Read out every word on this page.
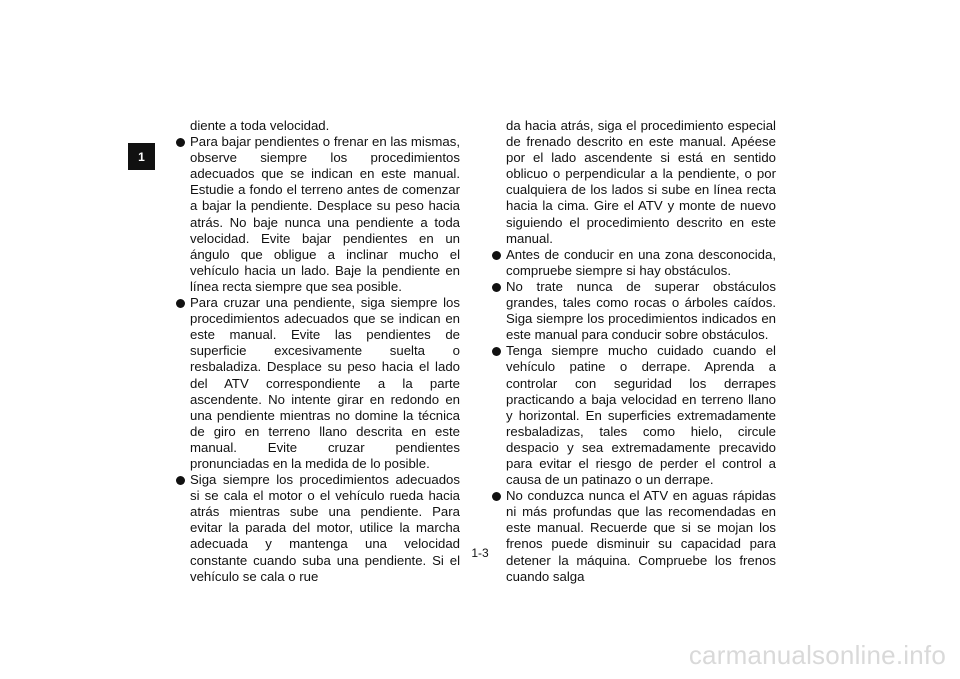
1

diente a toda velocidad.

Para bajar pendientes o frenar en las mismas, observe siempre los procedimientos adecuados que se indican en este manual. Estudie a fondo el terreno antes de comenzar a bajar la pendiente. Desplace su peso hacia atrás. No baje nunca una pendiente a toda velocidad. Evite bajar pendientes en un ángulo que obligue a inclinar mucho el vehículo hacia un lado. Baje la pendiente en línea recta siempre que sea posible.
Para cruzar una pendiente, siga siempre los procedimientos adecuados que se indican en este manual. Evite las pendientes de superficie excesivamente suelta o resbaladiza. Desplace su peso hacia el lado del ATV correspondiente a la parte ascendente. No intente girar en redondo en una pendiente mientras no domine la técnica de giro en terreno llano descrita en este manual. Evite cruzar pendientes pronunciadas en la medida de lo posible.
Siga siempre los procedimientos adecuados si se cala el motor o el vehículo rueda hacia atrás mientras sube una pendiente. Para evitar la parada del motor, utilice la marcha adecuada y mantenga una velocidad constante cuando suba una pendiente. Si el vehículo se cala o rue

da hacia atrás, siga el procedimiento especial de frenado descrito en este manual. Apéese por el lado ascendente si está en sentido oblicuo o perpendicular a la pendiente, o por cualquiera de los lados si sube en línea recta hacia la cima. Gire el ATV y monte de nuevo siguiendo el procedimiento descrito en este manual.

Antes de conducir en una zona desconocida, compruebe siempre si hay obstáculos.
No trate nunca de superar obstáculos grandes, tales como rocas o árboles caídos. Siga siempre los procedimientos indicados en este manual para conducir sobre obstáculos.
Tenga siempre mucho cuidado cuando el vehículo patine o derrape. Aprenda a controlar con seguridad los derrapes practicando a baja velocidad en terreno llano y horizontal. En superficies extremadamente resbaladizas, tales como hielo, circule despacio y sea extremadamente precavido para evitar el riesgo de perder el control a causa de un patinazo o un derrape.
No conduzca nunca el ATV en aguas rápidas ni más profundas que las recomendadas en este manual. Recuerde que si se mojan los frenos puede disminuir su capacidad para detener la máquina. Compruebe los frenos cuando salga
1-3
carmanualsonline.info
